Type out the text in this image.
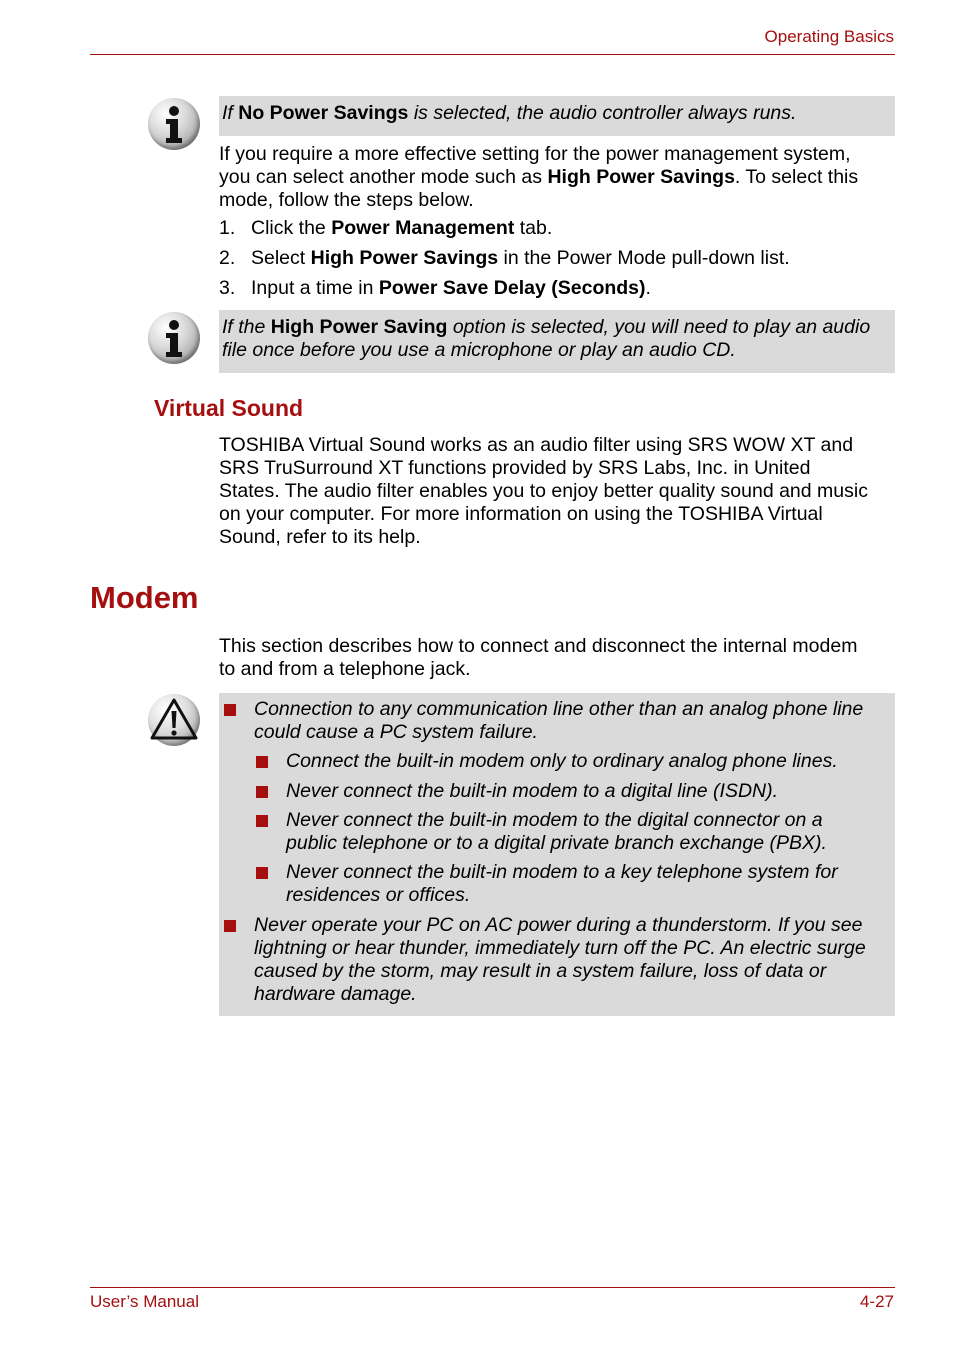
Operating Basics
If No Power Savings is selected, the audio controller always runs.
If you require a more effective setting for the power management system,
you can select another mode such as High Power Savings. To select this
mode, follow the steps below.
1. Click the Power Management tab.
2. Select High Power Savings in the Power Mode pull-down list.
3. Input a time in Power Save Delay (Seconds).
If the High Power Saving option is selected, you will need to play an audio
file once before you use a microphone or play an audio CD.
Virtual Sound
TOSHIBA Virtual Sound works as an audio filter using SRS WOW XT and
SRS TruSurround XT functions provided by SRS Labs, Inc. in United
States. The audio filter enables you to enjoy better quality sound and music
on your computer. For more information on using the TOSHIBA Virtual
Sound, refer to its help.
Modem
This section describes how to connect and disconnect the internal modem
to and from a telephone jack.
Connection to any communication line other than an analog phone line
could cause a PC system failure.
Connect the built-in modem only to ordinary analog phone lines.
Never connect the built-in modem to a digital line (ISDN).
Never connect the built-in modem to the digital connector on a
public telephone or to a digital private branch exchange (PBX).
Never connect the built-in modem to a key telephone system for
residences or offices.
Never operate your PC on AC power during a thunderstorm. If you see
lightning or hear thunder, immediately turn off the PC. An electric surge
caused by the storm, may result in a system failure, loss of data or
hardware damage.
User’s Manual	4-27
